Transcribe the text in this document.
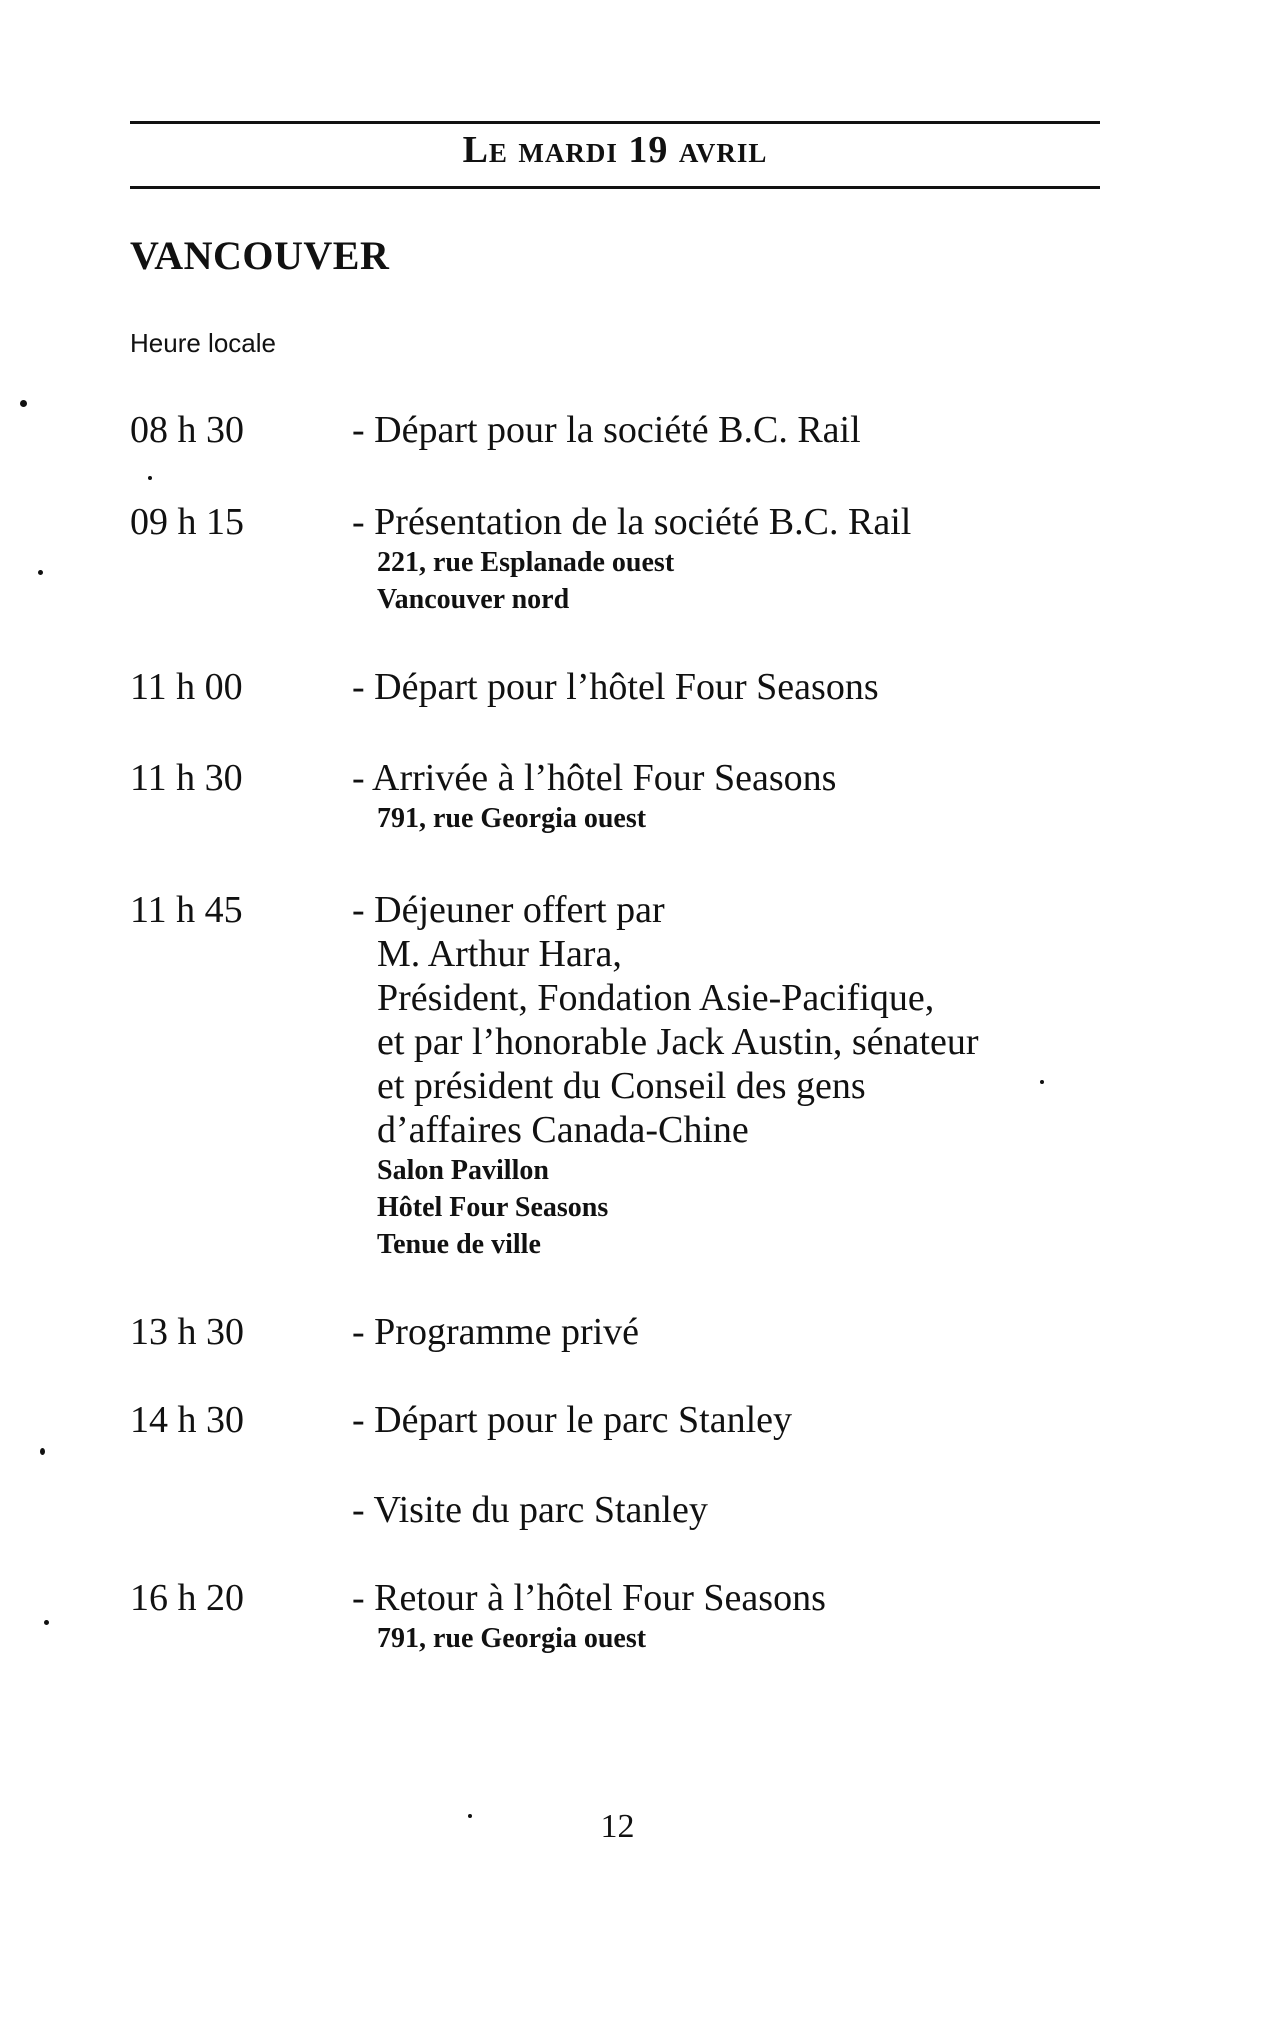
Le mardi 19 avril
VANCOUVER
Heure locale
08 h 30	- Départ pour la société B.C. Rail
09 h 15	- Présentation de la société B.C. Rail
221, rue Esplanade ouest
Vancouver nord
11 h 00	- Départ pour l’hôtel Four Seasons
11 h 30	- Arrivée à l’hôtel Four Seasons
791, rue Georgia ouest
11 h 45	- Déjeuner offert par
M. Arthur Hara,
Président, Fondation Asie-Pacifique,
et par l’honorable Jack Austin, sénateur
et président du Conseil des gens
d’affaires Canada-Chine
Salon Pavillon
Hôtel Four Seasons
Tenue de ville
13 h 30	- Programme privé
14 h 30	- Départ pour le parc Stanley
- Visite du parc Stanley
16 h 20	- Retour à l’hôtel Four Seasons
791, rue Georgia ouest
12
